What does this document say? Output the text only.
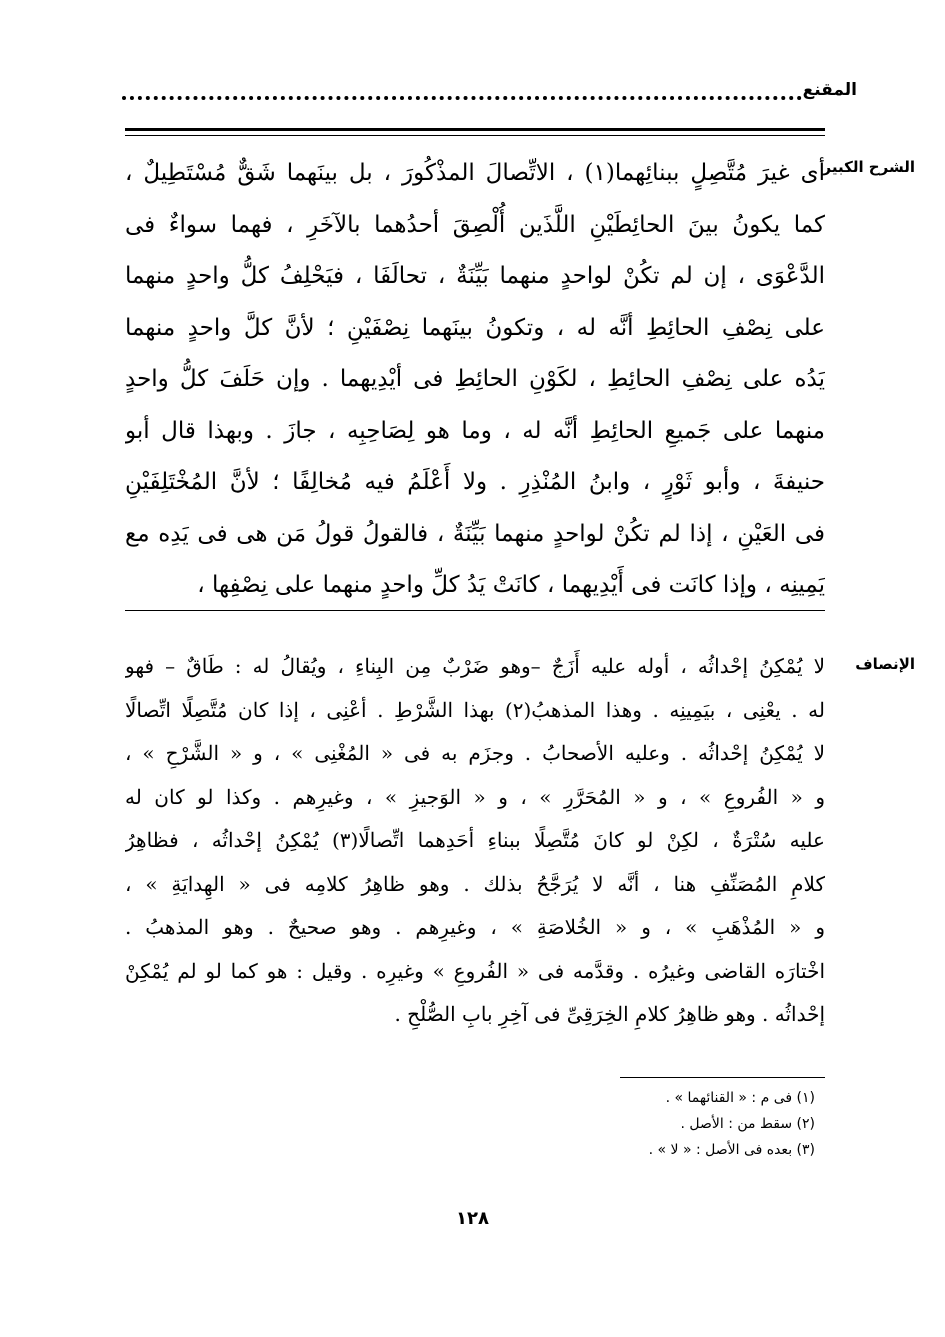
المقنع
الشرح الكبير
أى غيرَ مُتَّصِلٍ ببنائِهما(١) ، الاتِّصالَ المذْكُورَ ، بل بينَهما شَقٌّ مُسْتَطِيلٌ ،
كما يكونُ بينَ الحائِطَيْنِ اللَّذَين أُلْصِقَ أحدُهما بالآخَرِ ، فهما سواءٌ فى
الدَّعْوَى ، إن لم تكُنْ لواحدٍ منهما بَيِّنَةٌ ، تحالَفَا ، فيَحْلِفُ كلُّ واحدٍ منهما
على نِصْفِ الحائِطِ أنَّه له ، وتكونُ بينَهما نِصْفَيْنِ ؛ لأنَّ كلَّ واحدٍ منهما
يَدُه على نِصْفِ الحائِطِ ، لكَوْنِ الحائِطِ فى أيْدِيهما . وإن حَلَفَ كلُّ واحدٍ
منهما على جَميعِ الحائِطِ أنَّه له ، وما هو لِصَاحِبِه ، جازَ . وبهذا قال أبو
حنيفةَ ، وأبو ثَوْرٍ ، وابنُ المُنْذِرِ . ولا أَعْلَمُ فيه مُخالِفًا ؛ لأنَّ المُخْتَلِفَيْنِ
فى العَيْنِ ، إذا لم تكُنْ لواحدٍ منهما بَيِّنَةٌ ، فالقولُ قولُ مَن هى فى يَدِه مع
يَمِينِه ، وإذا كانَت فى أَيْدِيهما ، كانَتْ يَدُ كلِّ واحدٍ منهما على نِصْفِها ،
الإنصاف
لا يُمْكِنُ إحْداثُه ، أوله عليه أَزَجٌ –وهو ضَرْبٌ مِن البِناءِ ، ويُقالُ له : طَاقٌ – فهو
له . يعْنِى ، بيَمِينِه . وهذا المذهبُ(٢) بهذا الشَّرْطِ . أعْنِى ، إذا كان مُتَّصِلًا اتِّصالًا
لا يُمْكِنُ إحْداثُه . وعليه الأصحابُ . وجزَم به فى « المُغْنِى » ، و « الشَّرْحِ » ،
و « الفُروعِ » ، و « المُحَرَّرِ » ، و « الوَجيزِ » ، وغيرِهم . وكذا لو كان له
عليه سُتْرَةٌ ، لكِنْ لو كانَ مُتَّصِلًا ببناءِ أحَدِهما اتِّصالًا(٣) يُمْكِنُ إحْداثُه ، فظاهِرُ
كلامِ المُصَنِّفِ هنا ، أنَّه لا يُرَجَّحُ بذلك . وهو ظاهِرُ كلامِه فى « الهِدايَةِ » ،
و « المُذْهَبِ » ، و « الخُلاصَةِ » ، وغيرِهم . وهو صحيحٌ . وهو المذهبُ .
اخْتارَه القاضى وغيرُه . وقدَّمه فى « الفُروعِ » وغيرِه . وقيل : هو كما لو لم يُمْكِنْ
إحْداثُه . وهو ظاهِرُ كلامِ الخِرَقِىِّ فى آخِرِ بابِ الصُّلْحِ .
(١) فى م : « القنائهما » .
(٢) سقط من : الأصل .
(٣) بعده فى الأصل : « لا » .
١٢٨
